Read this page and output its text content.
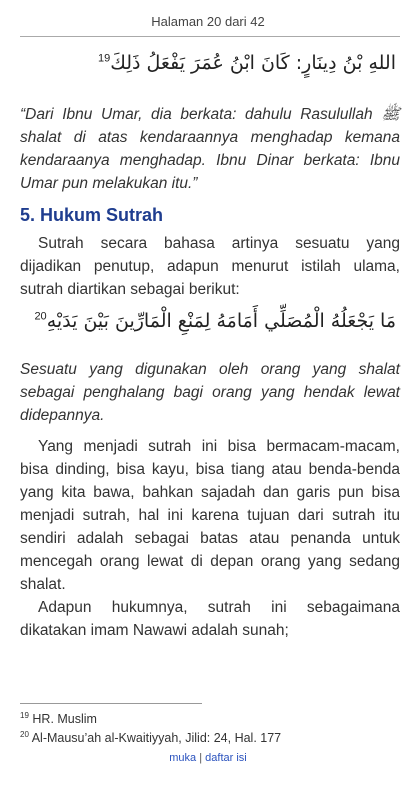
Halaman 20 dari 42
اللهِ بْنُ دِينَارٍ: كَانَ ابْنُ عُمَرَ يَفْعَلُ ذَلِكَ$^{19}$

“Dari Ibnu Umar, dia berkata: dahulu Rasulullah ﷺ shalat di atas kendaraannya menghadap kemana kendaraanya menghadap. Ibnu Dinar berkata: Ibnu Umar pun melakukan itu.”

5. Hukum Sutrah

Sutrah secara bahasa artinya sesuatu yang dijadikan penutup, adapun menurut istilah ulama, sutrah diartikan sebagai berikut:

مَا يَجْعَلُهُ الْمُصَلِّي أَمَامَهُ لِمَنْعِ الْمَارِّينَ بَيْنَ يَدَيْهِ$^{20}$

Sesuatu yang digunakan oleh orang yang shalat sebagai penghalang bagi orang yang hendak lewat didepannya.

Yang menjadi sutrah ini bisa bermacam-macam, bisa dinding, bisa kayu, bisa tiang atau benda-benda yang kita bawa, bahkan sajadah dan garis pun bisa menjadi sutrah, hal ini karena tujuan dari sutrah itu sendiri adalah sebagai batas atau penanda untuk mencegah orang lewat di depan orang yang sedang shalat.

Adapun hukumnya, sutrah ini sebagaimana dikatakan imam Nawawi adalah sunah;

$^{19}$ HR. Muslim
$^{20}$ Al-Mausu’ah al-Kwaitiyyah, Jilid: 24, Hal. 177
muka | daftar isi
